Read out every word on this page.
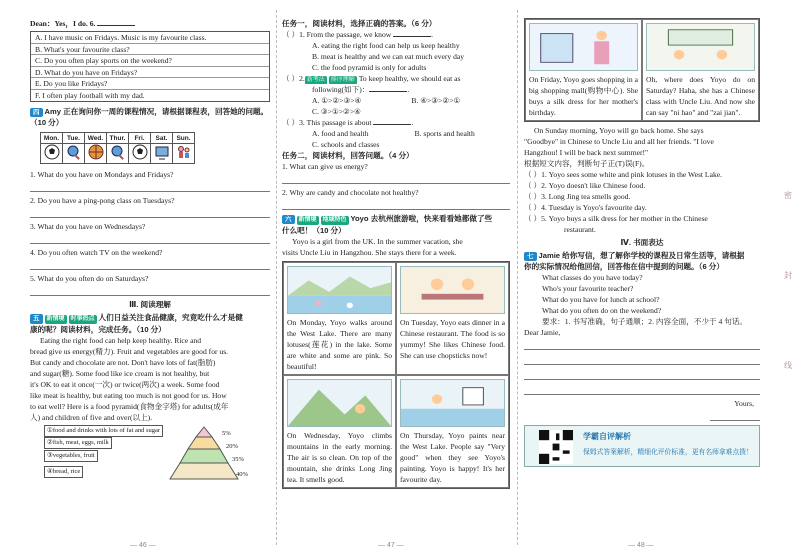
Dean：Yes，I do. 6.
A. I have music on Fridays. Music is my favourite class.
B. What's your favourite class?
C. Do you often play sports on the weekend?
D. What do you have on Fridays?
E. Do you like Fridays?
F. I often play football with my dad.
四 Amy 正在询问你一周的课程情况，请根据课程表，回答她的问题。（10 分）
Mon.	Tue.	Wed.	Thur.	Fri.	Sat.	Sun.

1. What do you have on Mondays and Fridays?
2. Do you have a ping-pong class on Tuesdays?
3. What do you have on Wednesdays?
4. Do you often watch TV on the weekend?
5. What do you often do on Saturdays?
Ⅲ. 阅读理解
五 新情境 时事热点 人们日益关注食品健康，究竟吃什么才是健
康的呢？阅读材料，完成任务。（10 分）
Eating the right food can help keep healthy. Rice and
bread give us energy(精力). Fruit and vegetables are good for us.
But candy and chocolate are not. Don't have lots of fat(脂肪)
and sugar(糖). Some food like ice cream is not healthy, but
it's OK to eat it once(一次) or twice(两次) a week. Some food
like meat is healthy, but eating too much is not good for us. How
to eat well? Here is a food pyramid(食物金字塔) for adults(成年
人) and children of five and over(以上).
①food and drinks with lots of fat and sugar
②fish, meat, eggs, milk
③vegetables, fruit
④bread, rice
5%
20%
35%
40%
— 46 —
任务一，阅读材料，选择正确的答案。（6 分）
（ ）1. From the passage, we know	.
A. eating the right food can help us keep healthy
B. meat is healthy and we can eat much every day
C. the food pyramid is only for adults
（ ）2. 新考法 排序理解 To keep healthy, we should eat as
following(如下)：	.
A. ①>②>③>④	B. ④>③>②>①
C. ③>①>②>④
（ ）3. This passage is about	.
A. food and health	B. sports and health
C. schools and classes
任务二，阅读材料，回答问题。（4 分）
1. What can give us energy?
2. Why are candy and chocolate not healthy?
六 新情境 地域特色 Yoyo 去杭州旅游啦，快来看看她都做了些
什么吧！（10 分）
Yoyo is a girl from the UK. In the summer vacation, she
visits Uncle Liu in Hangzhou. She stays there for a week.
On Monday, Yoyo walks around the West Lake. There are many lotuses(莲花) in the lake. Some are white and some are pink. So beautiful!
On Tuesday, Yoyo eats dinner in a Chinese restaurant. The food is so yummy! She likes Chinese food. She can use chopsticks now!
On Wednesday, Yoyo climbs mountains in the early morning. The air is so clean. On top of the mountain, she drinks Long Jing tea. It smells good.
On Thursday, Yoyo paints near the West Lake. People say "Very good" when they see Yoyo's painting. Yoyo is happy! It's her favourite day.
— 47 —
On Friday, Yoyo goes shopping in a big shopping mall(购物中心). She buys a silk dress for her mother's birthday.
Oh, where does Yoyo do on Saturday? Haha, she has a Chinese class with Uncle Liu. And now she can say "ni hao" and "zai jian".
On Sunday morning, Yoyo will go back home. She says
"Goodbye" in Chinese to Uncle Liu and all her friends. "I love
Hangzhou! I will be back next summer!"
根据短文内容，判断句子正(T)误(F)。
（ ）1. Yoyo sees some white and pink lotuses in the West Lake.
（ ）2. Yoyo doesn't like Chinese food.
（ ）3. Long Jing tea smells good.
（ ）4. Tuesday is Yoyo's favourite day.
（ ）5. Yoyo buys a silk dress for her mother in the Chinese
restaurant.
Ⅳ. 书面表达
七 Jamie 给你写信，想了解你学校的课程及日常生活等，请根据
你的实际情况给他回信，回答他在信中提到的问题。（6 分）
What classes do you have today?
Who's your favourite teacher?
What do you have for lunch at school?
What do you often do on the weekend?
要求：1. 书写准确，句子通顺；2. 内容全面，不少于 4 句话。
Dear Jamie,
Yours,
学霸自评解析
保姆式答案解析，精细化评价标准，更有名师拿难点拨！
— 48 —
密
封
线
